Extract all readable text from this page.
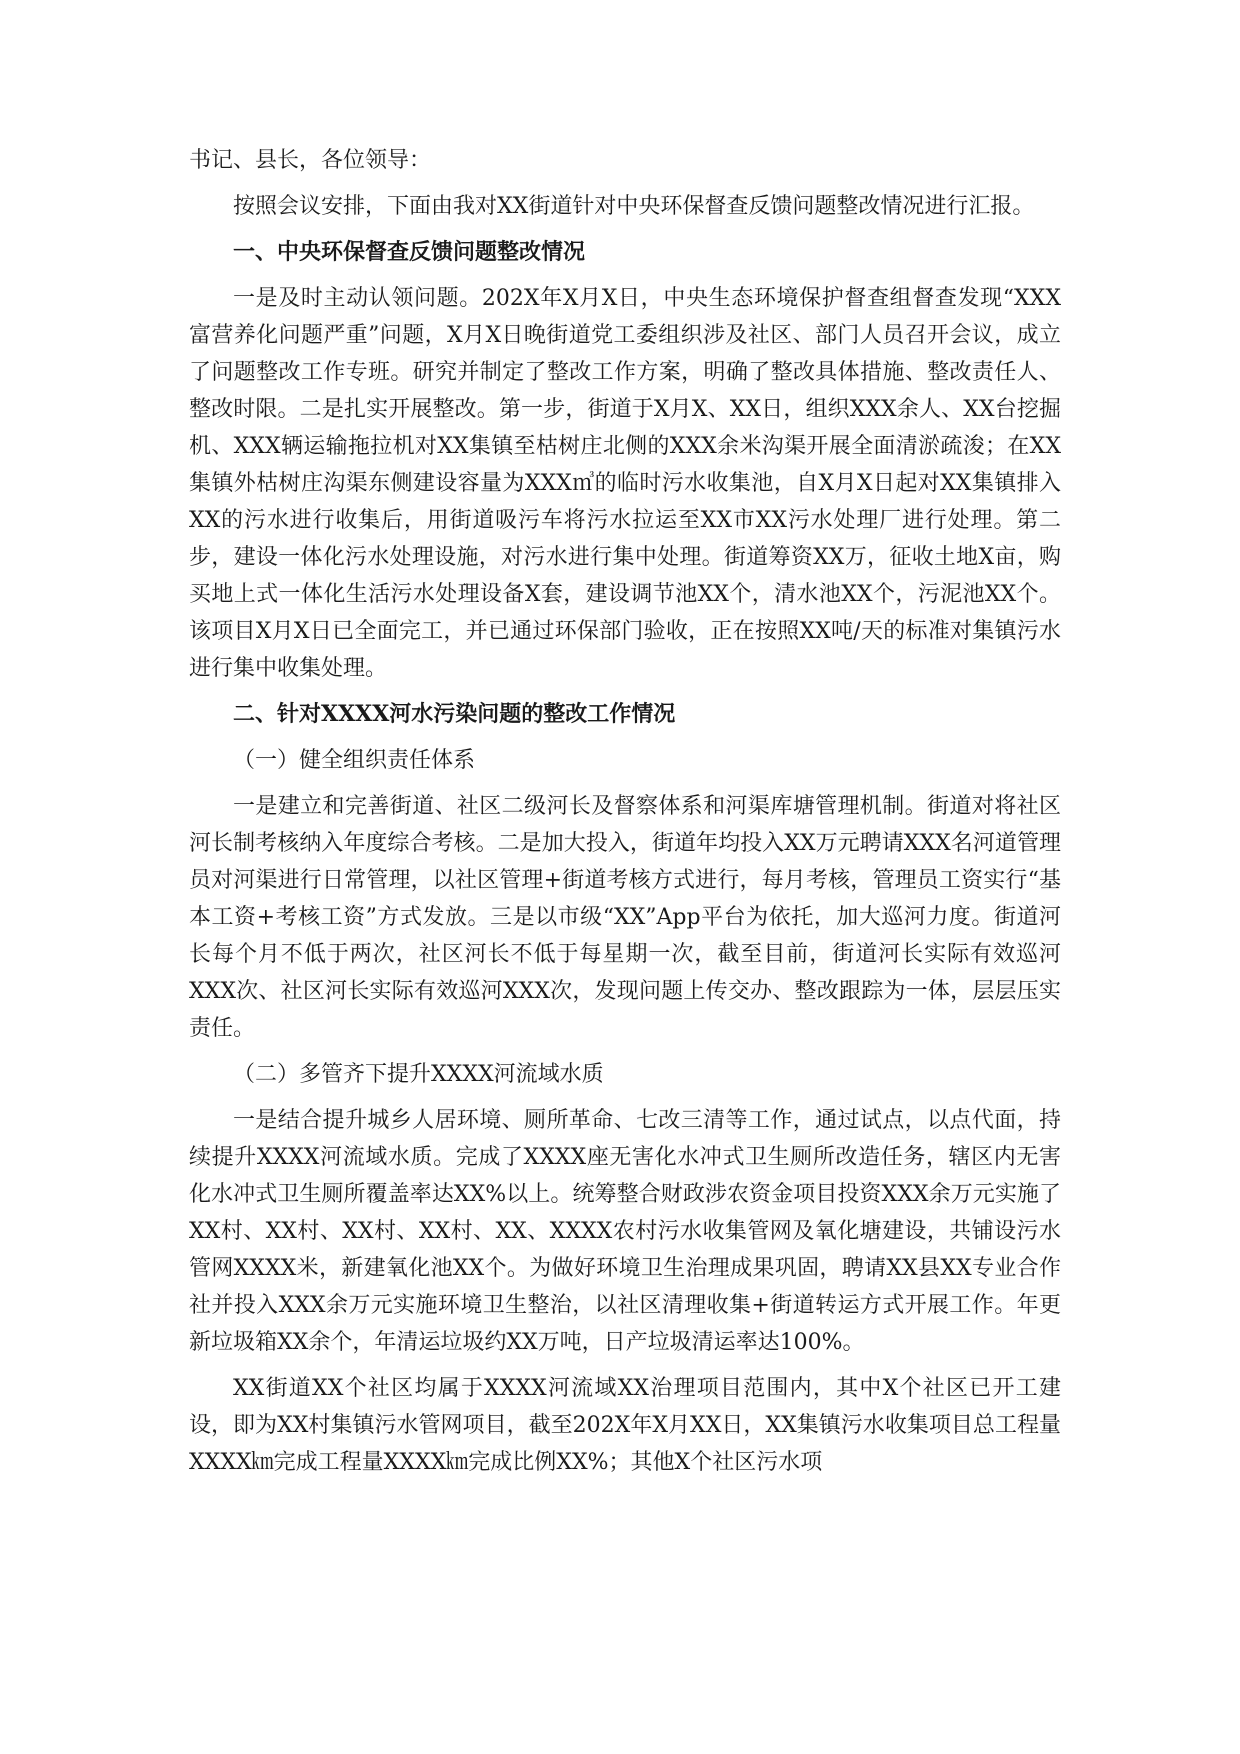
书记、县长，各位领导：

按照会议安排，下面由我对XX街道针对中央环保督查反馈问题整改情况进行汇报。

一、中央环保督查反馈问题整改情况

一是及时主动认领问题。202X年X月X日，中央生态环境保护督查组督查发现“XXX富营养化问题严重”问题，X月X日晚街道党工委组织涉及社区、部门人员召开会议，成立了问题整改工作专班。研究并制定了整改工作方案，明确了整改具体措施、整改责任人、整改时限。二是扎实开展整改。第一步，街道于X月X、XX日，组织XXX余人、XX台挖掘机、XXX辆运输拖拉机对XX集镇至枯树庄北侧的XXX余米沟渠开展全面清淤疏浚；在XX集镇外枯树庄沟渠东侧建设容量为XXX㎥的临时污水收集池，自X月X日起对XX集镇排入XX的污水进行收集后，用街道吸污车将污水拉运至XX市XX污水处理厂进行处理。第二步，建设一体化污水处理设施，对污水进行集中处理。街道筹资XX万，征收土地X亩，购买地上式一体化生活污水处理设备X套，建设调节池XX个，清水池XX个，污泥池XX个。该项目X月X日已全面完工，并已通过环保部门验收，正在按照XX吨/天的标准对集镇污水进行集中收集处理。

二、针对XXXX河水污染问题的整改工作情况

（一）健全组织责任体系

一是建立和完善街道、社区二级河长及督察体系和河渠库塘管理机制。街道对将社区河长制考核纳入年度综合考核。二是加大投入，街道年均投入XX万元聘请XXX名河道管理员对河渠进行日常管理，以社区管理+街道考核方式进行，每月考核，管理员工资实行“基本工资+考核工资”方式发放。三是以市级“XX”App平台为依托，加大巡河力度。街道河长每个月不低于两次，社区河长不低于每星期一次，截至目前，街道河长实际有效巡河XXX次、社区河长实际有效巡河XXX次，发现问题上传交办、整改跟踪为一体，层层压实责任。

（二）多管齐下提升XXXX河流域水质

一是结合提升城乡人居环境、厕所革命、七改三清等工作，通过试点，以点代面，持续提升XXXX河流域水质。完成了XXXX座无害化水冲式卫生厕所改造任务，辖区内无害化水冲式卫生厕所覆盖率达XX%以上。统筹整合财政涉农资金项目投资XXX余万元实施了XX村、XX村、XX村、XX村、XX、XXXX农村污水收集管网及氧化塘建设，共铺设污水管网XXXX米，新建氧化池XX个。为做好环境卫生治理成果巩固，聘请XX县XX专业合作社并投入XXX余万元实施环境卫生整治，以社区清理收集+街道转运方式开展工作。年更新垃圾箱XX余个，年清运垃圾约XX万吨，日产垃圾清运率达100%。

XX街道XX个社区均属于XXXX河流域XX治理项目范围内，其中X个社区已开工建设，即为XX村集镇污水管网项目，截至202X年X月XX日，XX集镇污水收集项目总工程量XXXX㎞完成工程量XXXX㎞完成比例XX%；其他X个社区污水项
